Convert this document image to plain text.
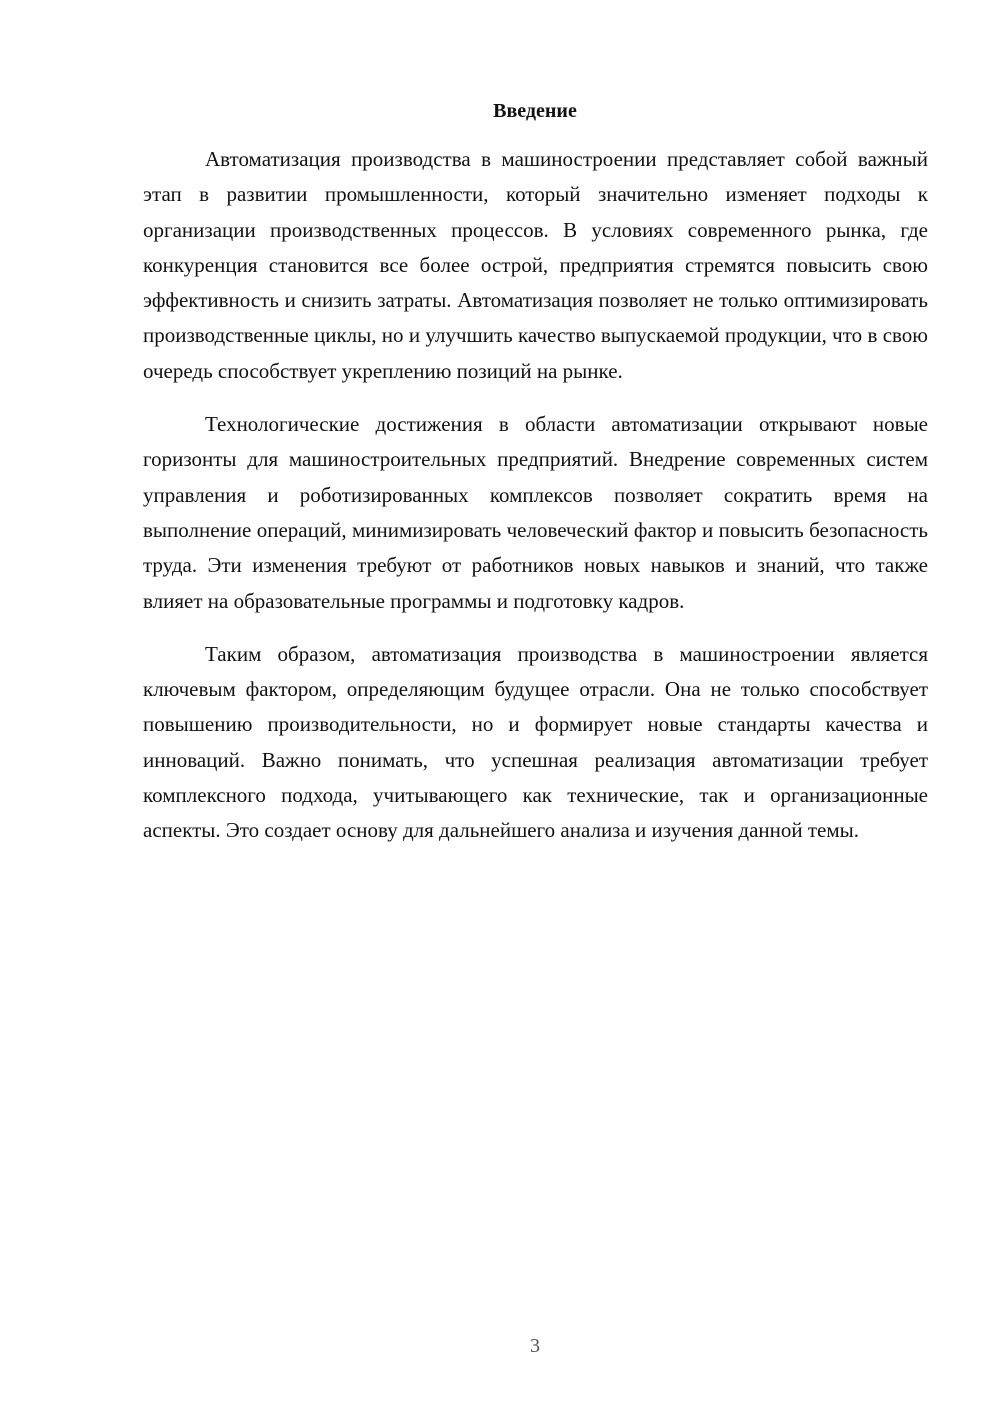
Введение

Автоматизация производства в машиностроении представляет собой важный этап в развитии промышленности, который значительно изменяет подходы к организации производственных процессов. В условиях современного рынка, где конкуренция становится все более острой, предприятия стремятся повысить свою эффективность и снизить затраты. Автоматизация позволяет не только оптимизировать производственные циклы, но и улучшить качество выпускаемой продукции, что в свою очередь способствует укреплению позиций на рынке.

Технологические достижения в области автоматизации открывают новые горизонты для машиностроительных предприятий. Внедрение современных систем управления и роботизированных комплексов позволяет сократить время на выполнение операций, минимизировать человеческий фактор и повысить безопасность труда. Эти изменения требуют от работников новых навыков и знаний, что также влияет на образовательные программы и подготовку кадров.

Таким образом, автоматизация производства в машиностроении является ключевым фактором, определяющим будущее отрасли. Она не только способствует повышению производительности, но и формирует новые стандарты качества и инноваций. Важно понимать, что успешная реализация автоматизации требует комплексного подхода, учитывающего как технические, так и организационные аспекты. Это создает основу для дальнейшего анализа и изучения данной темы.

3
